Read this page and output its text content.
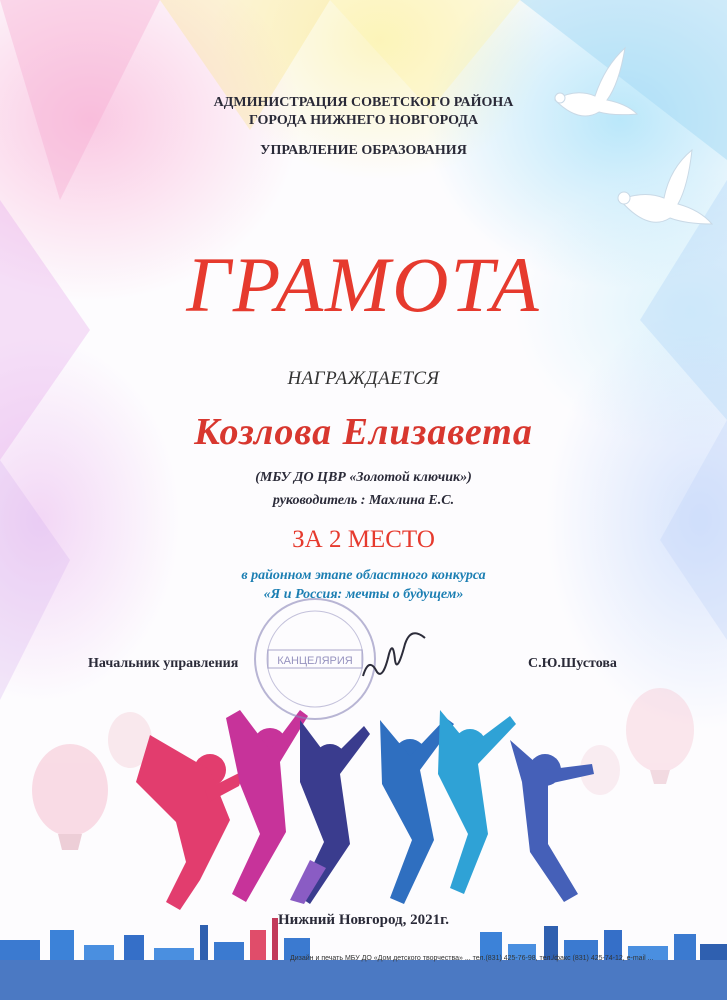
АДМИНИСТРАЦИЯ СОВЕТСКОГО РАЙОНА
ГОРОДА НИЖНЕГО НОВГОРОДА
УПРАВЛЕНИЕ ОБРАЗОВАНИЯ
ГРАМОТА
НАГРАЖДАЕТСЯ
Козлова Елизавета
(МБУ ДО ЦВР «Золотой ключик»)
руководитель : Махлина Е.С.
ЗА 2 МЕСТО
в районном этапе областного конкурса
«Я и Россия: мечты о будущем»
КАНЦЕЛЯРИЯ
Начальник управления	С.Ю.Шустова
Нижний Новгород, 2021г.
Дизайн и печать МБУ ДО «Дом детского творчества» ... тел.(831) 425-76-98, тел./факс (831) 425-74-12, e-mail ...
